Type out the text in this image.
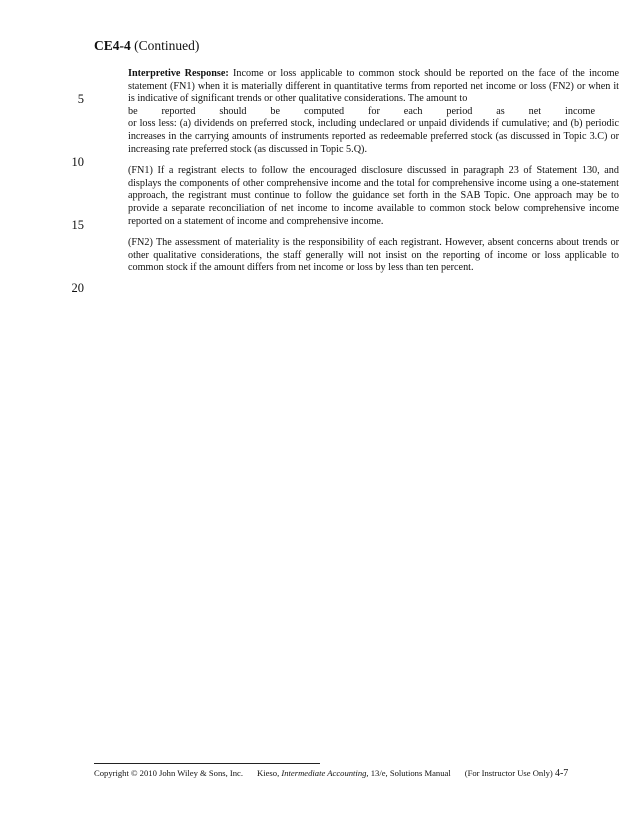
CE4-4 (Continued)
5
10
15
20
Interpretive Response: Income or loss applicable to common stock should be reported on the face of the income statement (FN1) when it is materially different in quantitative terms from reported net income or loss (FN2) or when it is indicative of significant trends or other qualitative considerations. The amount to
be reported should be computed for each period as net income
or loss less: (a) dividends on preferred stock, including undeclared or unpaid dividends if cumulative; and (b) periodic increases in the carrying amounts of instruments reported as redeemable preferred stock (as discussed in Topic 3.C) or increasing rate preferred stock (as discussed in Topic 5.Q).
(FN1) If a registrant elects to follow the encouraged disclosure discussed in paragraph 23 of Statement 130, and displays the components of other comprehensive income and the total for comprehensive income using a one-statement approach, the registrant must continue to follow the guidance set forth in the SAB Topic. One approach may be to provide a separate reconciliation of net income to income available to common stock below comprehensive income reported on a statement of income and comprehensive income.
(FN2) The assessment of materiality is the responsibility of each registrant. However, absent concerns about trends or other qualitative considerations, the staff generally will not insist on the reporting of income or loss applicable to common stock if the amount differs from net income or loss by less than ten percent.
Copyright © 2010 John Wiley & Sons, Inc. Kieso, Intermediate Accounting, 13/e, Solutions Manual (For Instructor Use Only) 4-7
